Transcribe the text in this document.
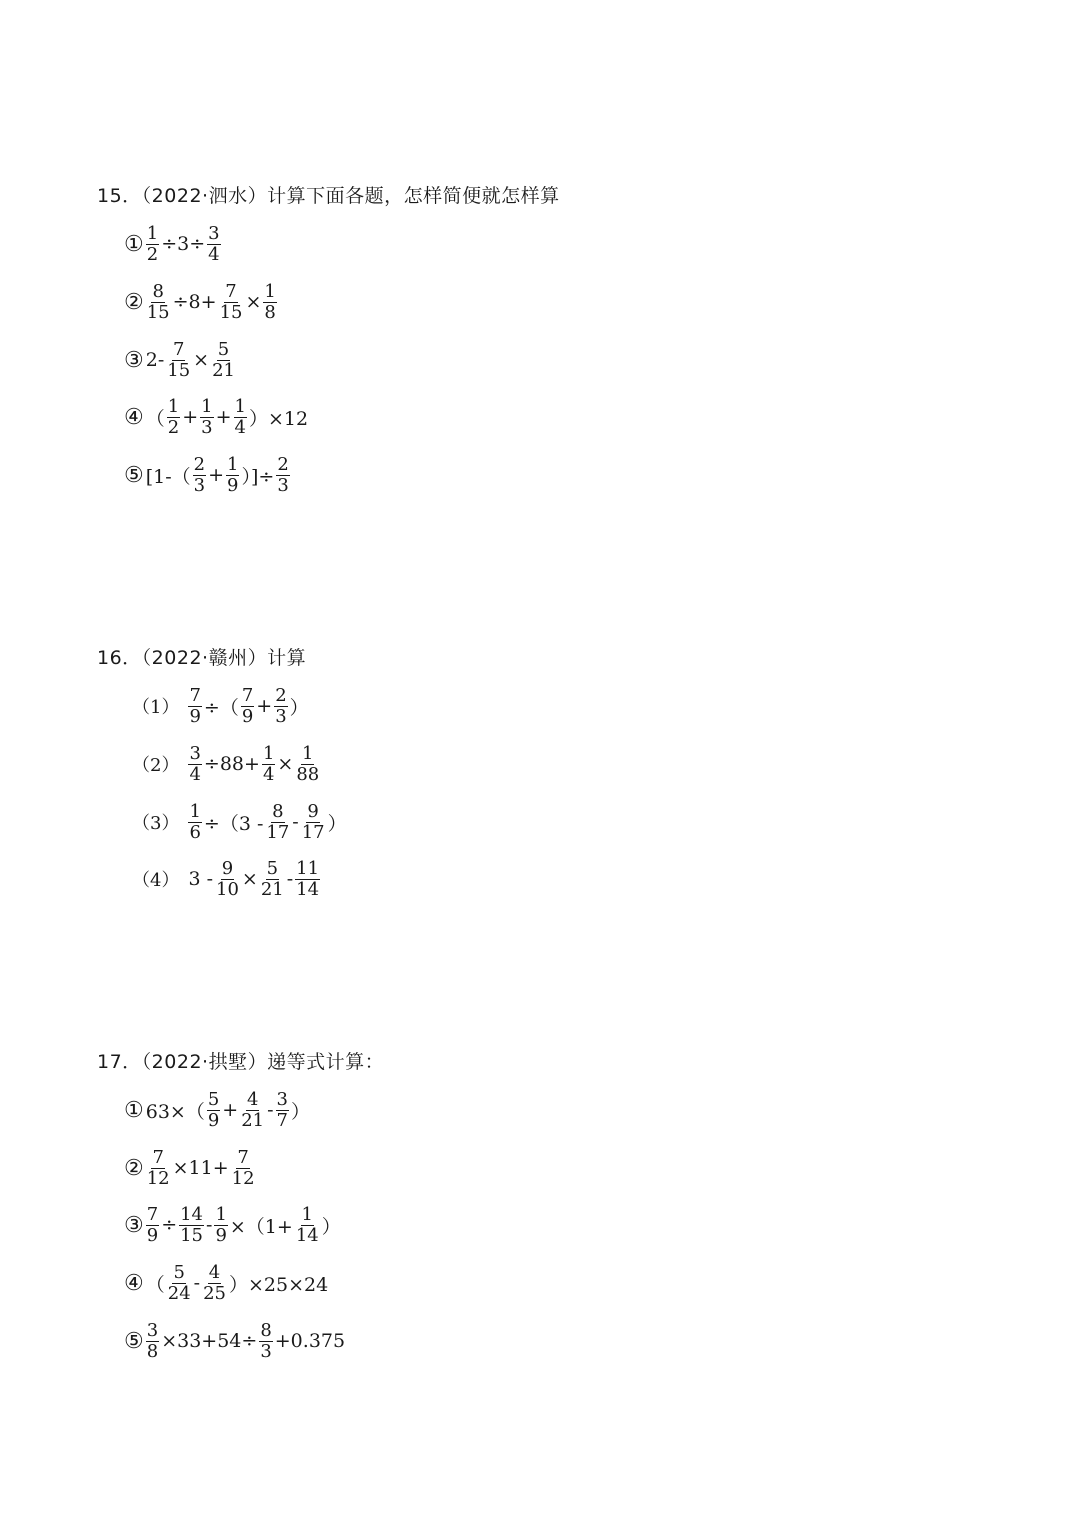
15．（2022·泗水）计算下面各题，怎样简便就怎样算
① $\frac{1}{2} \div 3\div \frac{3}{4}$
② $\frac{8}{15} \div 8+ \frac{7}{15} \times \frac{1}{8}$
③ $2- \frac{7}{15} \times \frac{5}{21}$
④ （ $\frac{1}{2} + \frac{1}{3} + \frac{1}{4} )\times 12$
⑤ [$1-( \frac{2}{3} + \frac{1}{9}$ ）]÷ $\frac{2}{3}$
16．（2022·赣州）计算
$(1) \frac{7}{9}$ ÷（ $\frac{7}{9} + \frac{2}{3}$ ）
$(2) \frac{3}{4} \div 88+ \frac{1}{4} \times \frac{1}{88}$
$(3) \frac{1}{6} \div(3 - \frac{8}{17} - \frac{9}{17}$ ）
（4） $3 - \frac{9}{10} \times \frac{5}{21} - \frac{11}{14}$
17．（2022·拱墅）递等式计算：
① $63\times( \frac{5}{9} + \frac{4}{21} - \frac{3}{7}$ ）
② $\frac{7}{12} \times 11+ \frac{7}{12}$
③ $\frac{7}{9} \div \frac{14}{15} - \frac{1}{9} \times(1+ \frac{1}{14}$ ）
④ （ $\frac{5}{24} - \frac{4}{25} )\times 25\times 24$
⑤ $\frac{3}{8} \times 33+54\div \frac{8}{3} +0.375$
